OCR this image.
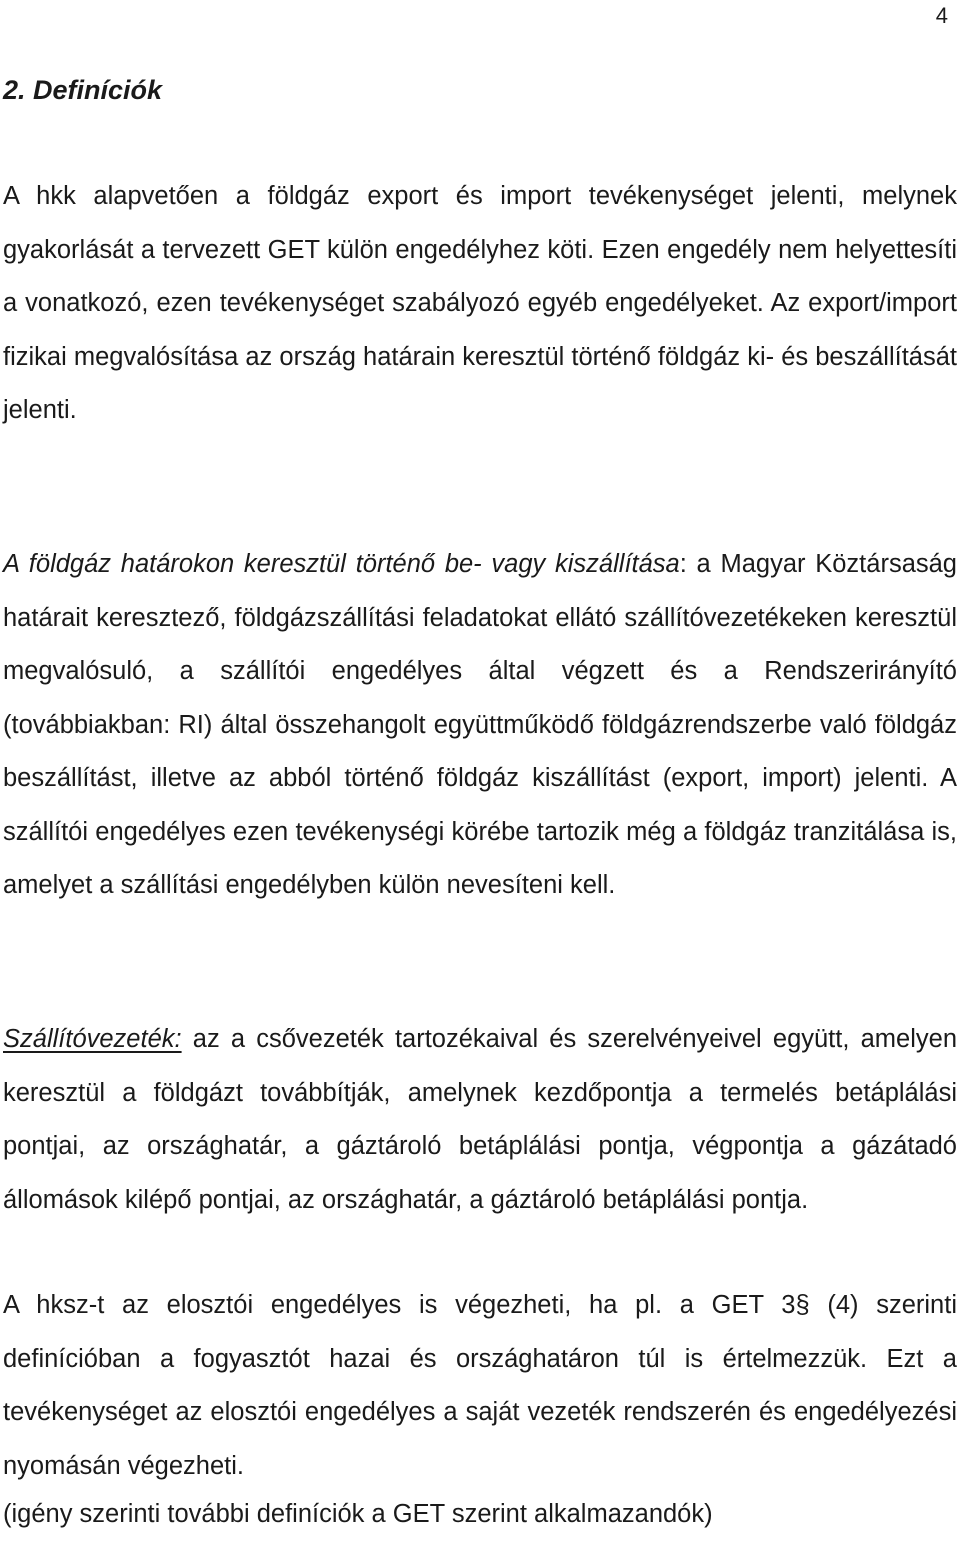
4
2. Definíciók

A hkk alapvetően a földgáz export és import tevékenységet jelenti, melynek gyakorlását a tervezett GET külön engedélyhez köti. Ezen engedély nem helyettesíti a vonatkozó, ezen tevékenységet szabályozó egyéb engedélyeket. Az export/import fizikai megvalósítása az ország határain keresztül történő földgáz ki- és beszállítását jelenti.

A földgáz határokon keresztül történő be- vagy kiszállítása: a Magyar Köztársaság határait keresztező, földgázszállítási feladatokat ellátó szállítóvezetékeken keresztül megvalósuló, a szállítói engedélyes által végzett és a Rendszerirányító (továbbiakban: RI) által összehangolt együttműködő földgázrendszerbe való földgáz beszállítást, illetve az abból történő földgáz kiszállítást (export, import) jelenti. A szállítói engedélyes ezen tevékenységi körébe tartozik még a földgáz tranzitálása is, amelyet a szállítási engedélyben külön nevesíteni kell.

Szállítóvezeték: az a csővezeték tartozékaival és szerelvényeivel együtt, amelyen keresztül a földgázt továbbítják, amelynek kezdőpontja a termelés betáplálási pontjai, az országhatár, a gáztároló betáplálási pontja, végpontja a gázátadó állomások kilépő pontjai, az országhatár, a gáztároló betáplálási pontja.

A hksz-t az elosztói engedélyes is végezheti, ha pl. a GET 3§ (4) szerinti definícióban a fogyasztót hazai és országhatáron túl is értelmezzük. Ezt a tevékenységet az elosztói engedélyes a saját vezeték rendszerén és engedélyezési nyomásán végezheti.

(igény szerinti további definíciók a GET szerint alkalmazandók)
